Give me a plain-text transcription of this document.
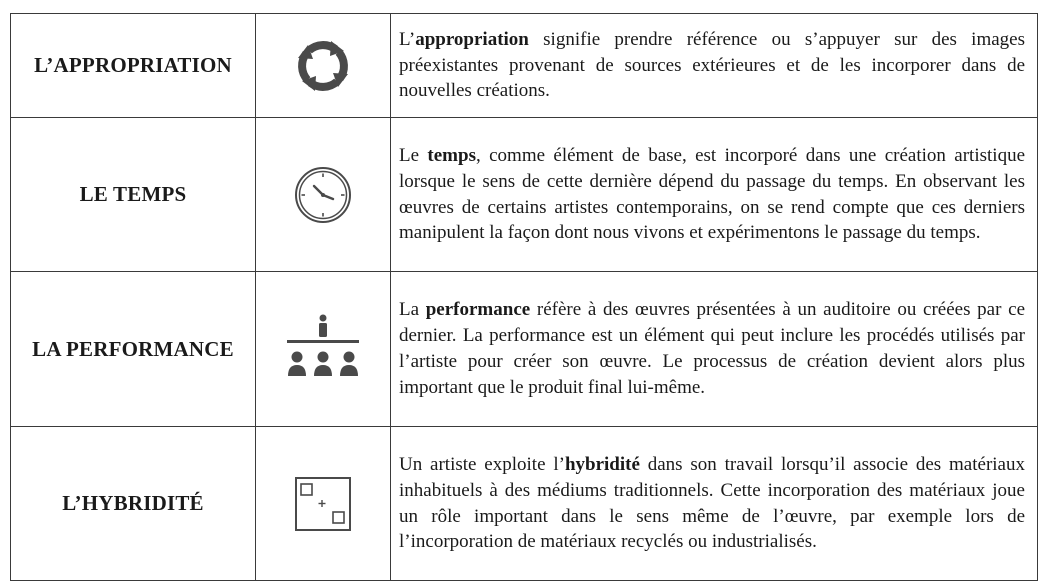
L’APPROPRIATION		L’appropriation signifie prendre référence ou s’appuyer sur des images préexistantes provenant de sources extérieures et de les incorporer dans de nouvelles créations.
LE TEMPS		Le temps, comme élément de base, est incorporé dans une création artistique lorsque le sens de cette dernière dépend du passage du temps. En observant les œuvres de certains artistes contemporains, on se rend compte que ces derniers manipulent la façon dont nous vivons et expérimentons le passage du temps.
LA PERFORMANCE		La performance réfère à des œuvres présentées à un auditoire ou créées par ce dernier. La performance est un élément qui peut inclure les procédés utilisés par l’artiste pour créer son œuvre. Le processus de création devient alors plus important que le produit final lui-même.
L’HYBRIDITÉ		Un artiste exploite l’hybridité dans son travail lorsqu’il associe des matériaux inhabituels à des médiums traditionnels. Cette incorporation des matériaux joue un rôle important dans le sens même de l’œuvre, par exemple lors de l’incorporation de matériaux recyclés ou industrialisés.
